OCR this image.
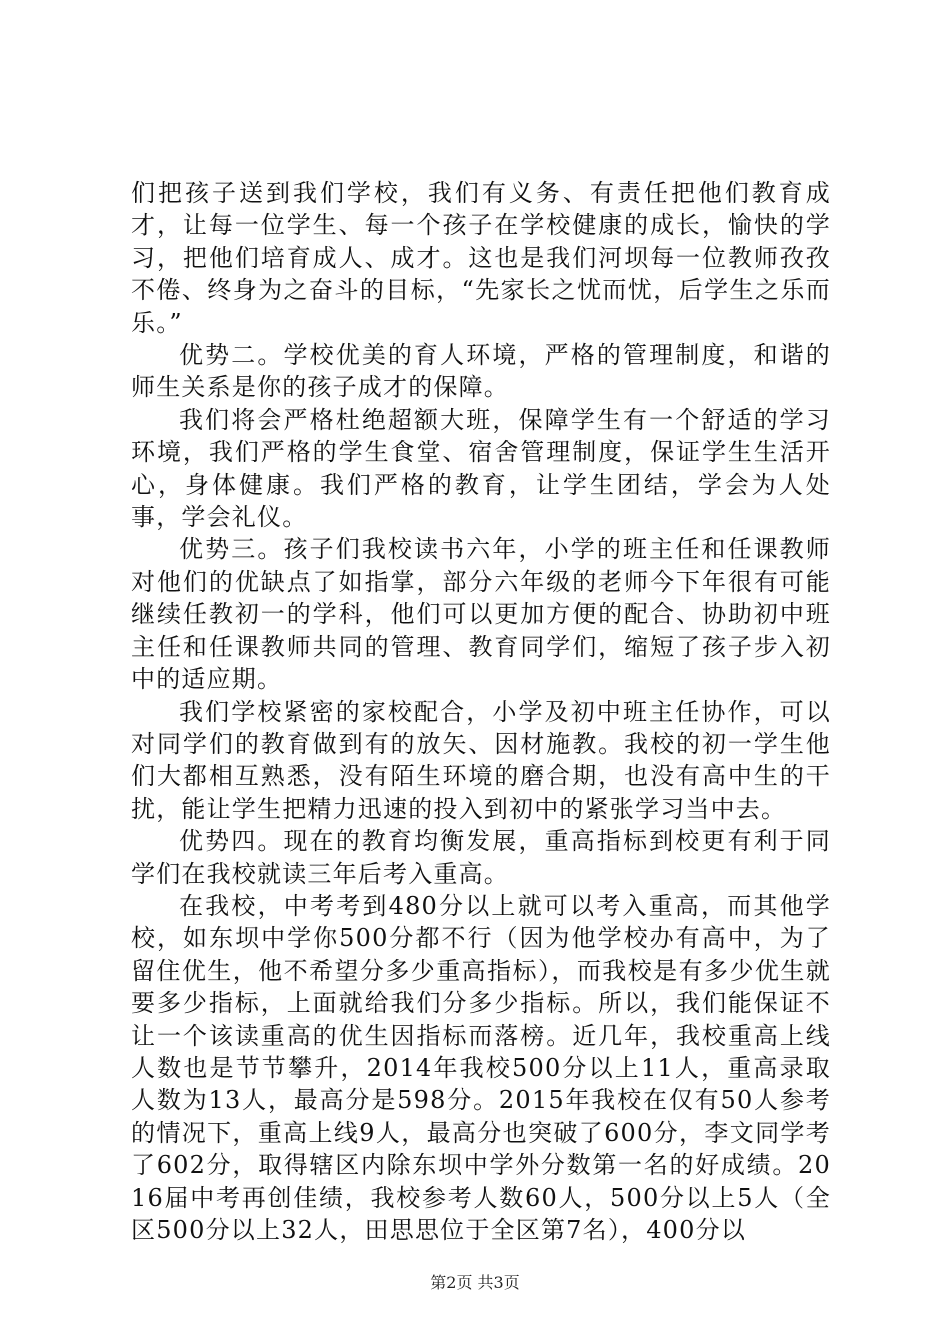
们把孩子送到我们学校，我们有义务、有责任把他们教育成才，让每一位学生、每一个孩子在学校健康的成长，愉快的学习，把他们培育成人、成才。这也是我们河坝每一位教师孜孜不倦、终身为之奋斗的目标，“先家长之忧而忧，后学生之乐而乐。”

优势二。学校优美的育人环境，严格的管理制度，和谐的师生关系是你的孩子成才的保障。

我们将会严格杜绝超额大班，保障学生有一个舒适的学习环境，我们严格的学生食堂、宿舍管理制度，保证学生生活开心，身体健康。我们严格的教育，让学生团结，学会为人处事，学会礼仪。

优势三。孩子们我校读书六年，小学的班主任和任课教师对他们的优缺点了如指掌，部分六年级的老师今下年很有可能继续任教初一的学科，他们可以更加方便的配合、协助初中班主任和任课教师共同的管理、教育同学们，缩短了孩子步入初中的适应期。

我们学校紧密的家校配合，小学及初中班主任协作，可以对同学们的教育做到有的放矢、因材施教。我校的初一学生他们大都相互熟悉，没有陌生环境的磨合期，也没有高中生的干扰，能让学生把精力迅速的投入到初中的紧张学习当中去。

优势四。现在的教育均衡发展，重高指标到校更有利于同学们在我校就读三年后考入重高。

在我校，中考考到480分以上就可以考入重高，而其他学校，如东坝中学你500分都不行（因为他学校办有高中，为了留住优生，他不希望分多少重高指标），而我校是有多少优生就要多少指标，上面就给我们分多少指标。所以，我们能保证不让一个该读重高的优生因指标而落榜。近几年，我校重高上线人数也是节节攀升，2014年我校500分以上11人，重高录取人数为13人，最高分是598分。2015年我校在仅有50人参考的情况下，重高上线9人，最高分也突破了600分，李文同学考了602分，取得辖区内除东坝中学外分数第一名的好成绩。2016届中考再创佳绩，我校参考人数60人，500分以上5人（全区500分以上32人，田思思位于全区第7名），400分以

第2页 共3页
